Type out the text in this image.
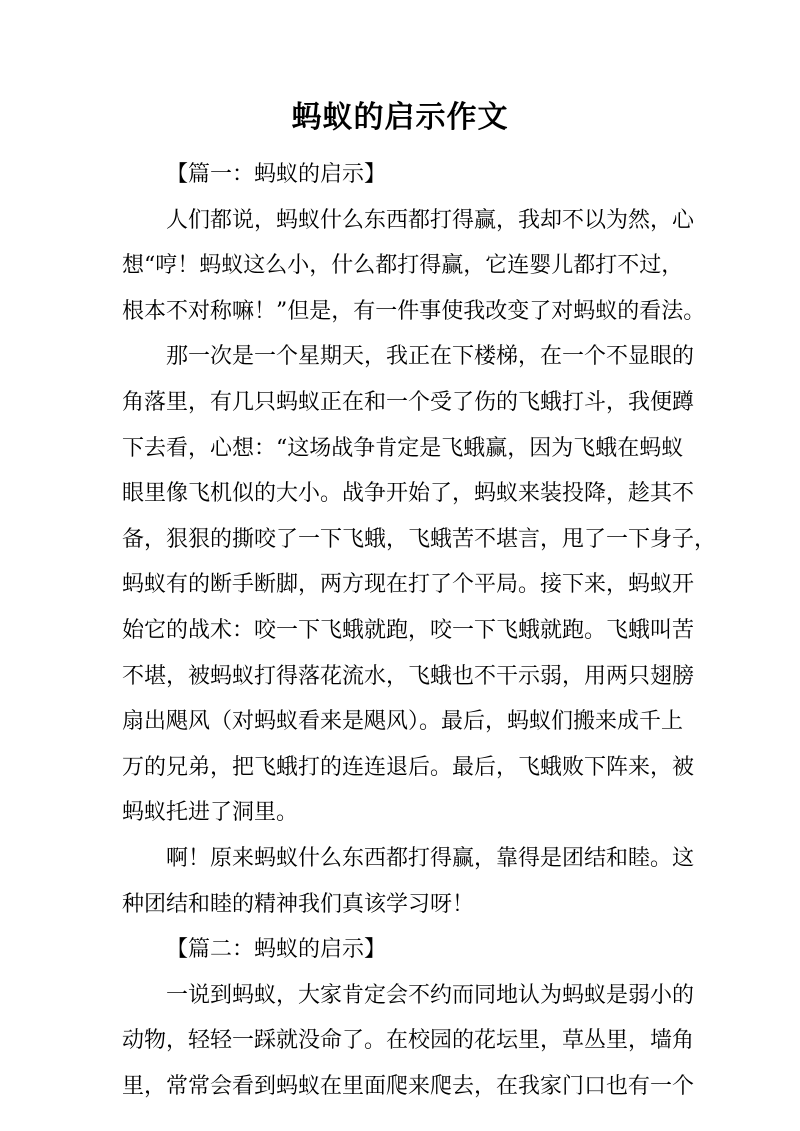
蚂蚁的启示作文
【篇一：蚂蚁的启示】
人们都说，蚂蚁什么东西都打得赢，我却不以为然，心
想“哼！蚂蚁这么小，什么都打得赢，它连婴儿都打不过，
根本不对称嘛！”但是，有一件事使我改变了对蚂蚁的看法。
那一次是一个星期天，我正在下楼梯，在一个不显眼的
角落里，有几只蚂蚁正在和一个受了伤的飞蛾打斗，我便蹲
下去看，心想：“这场战争肯定是飞蛾赢，因为飞蛾在蚂蚁
眼里像飞机似的大小。战争开始了，蚂蚁来装投降，趁其不
备，狠狠的撕咬了一下飞蛾，飞蛾苦不堪言，甩了一下身子，
蚂蚁有的断手断脚，两方现在打了个平局。接下来，蚂蚁开
始它的战术：咬一下飞蛾就跑，咬一下飞蛾就跑。飞蛾叫苦
不堪，被蚂蚁打得落花流水，飞蛾也不干示弱，用两只翅膀
扇出飓风（对蚂蚁看来是飓风）。最后，蚂蚁们搬来成千上
万的兄弟，把飞蛾打的连连退后。最后，飞蛾败下阵来，被
蚂蚁托进了洞里。
啊！原来蚂蚁什么东西都打得赢，靠得是团结和睦。这
种团结和睦的精神我们真该学习呀！
【篇二：蚂蚁的启示】
一说到蚂蚁，大家肯定会不约而同地认为蚂蚁是弱小的
动物，轻轻一踩就没命了。在校园的花坛里，草丛里，墙角
里，常常会看到蚂蚁在里面爬来爬去，在我家门口也有一个
